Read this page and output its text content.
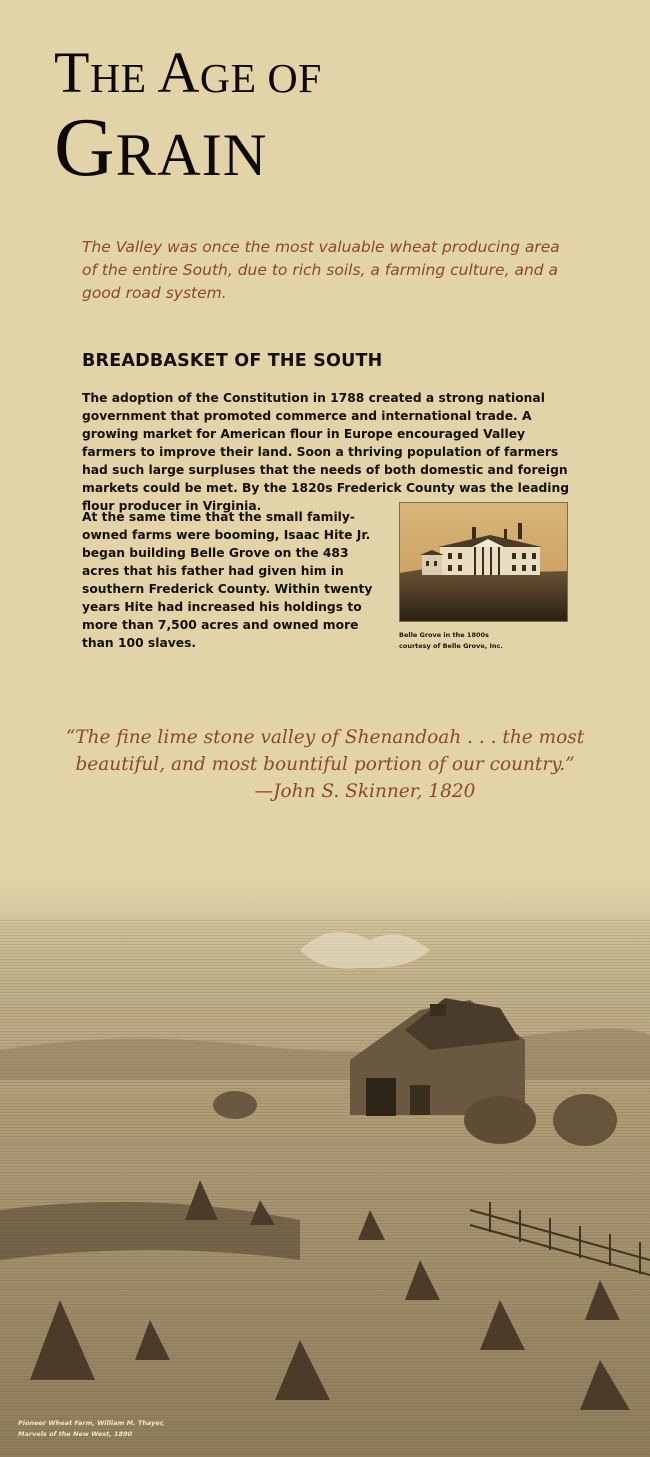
THE AGE OF
GRAIN

The Valley was once the most valuable wheat producing area of the entire South, due to rich soils, a farming culture, and a good road system.

BREADBASKET OF THE SOUTH

The adoption of the Constitution in 1788 created a strong national government that promoted commerce and international trade. A growing market for American flour in Europe encouraged Valley farmers to improve their land. Soon a thriving population of farmers had such large surpluses that the needs of both domestic and foreign markets could be met. By the 1820s Frederick County was the leading flour producer in Virginia.

At the same time that the small family-owned farms were booming, Isaac Hite Jr. began building Belle Grove on the 483 acres that his father had given him in southern Frederick County. Within twenty years Hite had increased his holdings to more than 7,500 acres and owned more than 100 slaves.

Belle Grove in the 1800s
courtesy of Belle Grove, Inc.
“The fine lime stone valley of Shenandoah . . . the most
beautiful, and most bountiful portion of our country.”
—John S. Skinner, 1820
Pioneer Wheat Farm, William M. Thayer,
Marvels of the New West, 1890
